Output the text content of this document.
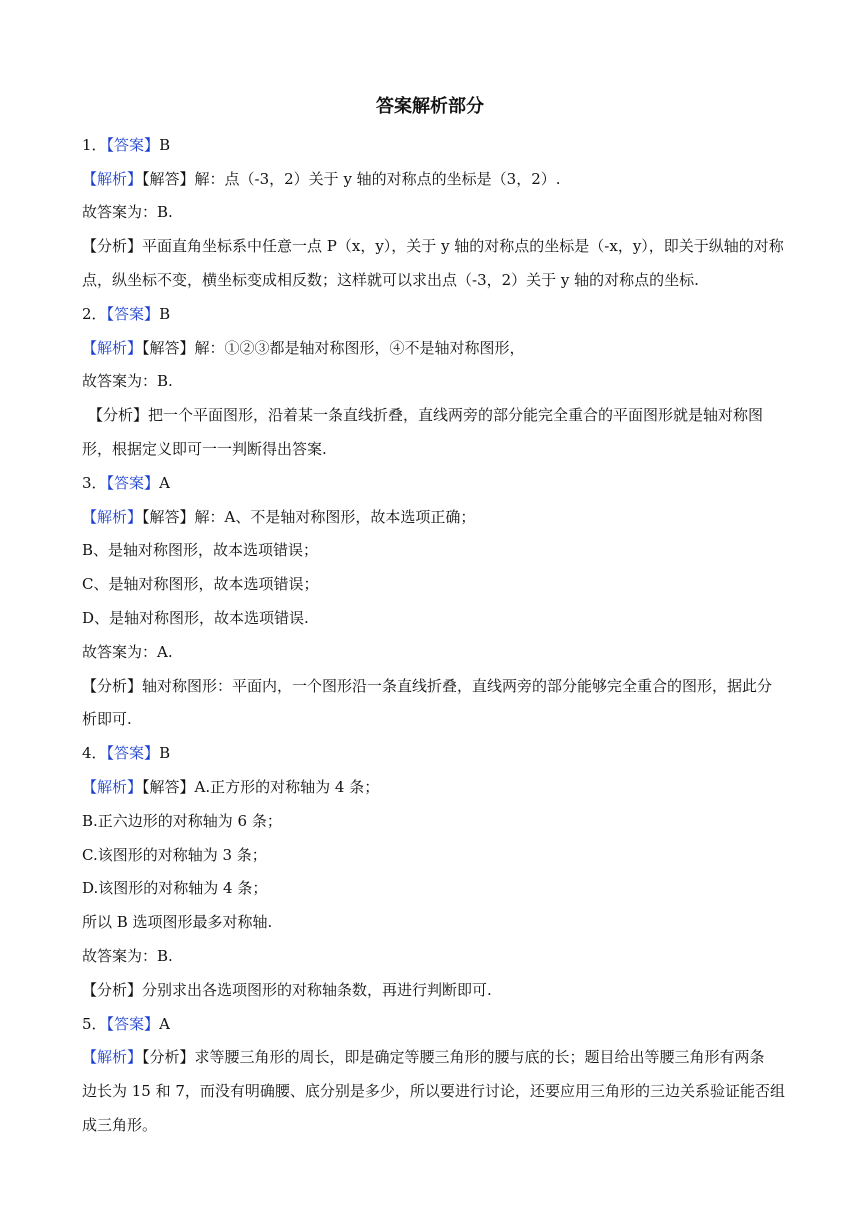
答案解析部分
1．【答案】B
【解析】【解答】解：点（-3，2）关于 y 轴的对称点的坐标是（3，2）.
故答案为：B.
【分析】平面直角坐标系中任意一点 P（x，y），关于 y 轴的对称点的坐标是（-x，y），即关于纵轴的对称
点，纵坐标不变，横坐标变成相反数；这样就可以求出点（-3，2）关于 y 轴的对称点的坐标.
2．【答案】B
【解析】【解答】解：①②③都是轴对称图形，④不是轴对称图形，
故答案为：B.
【分析】把一个平面图形，沿着某一条直线折叠，直线两旁的部分能完全重合的平面图形就是轴对称图
形，根据定义即可一一判断得出答案.
3．【答案】A
【解析】【解答】解：A、不是轴对称图形，故本选项正确；
B、是轴对称图形，故本选项错误；
C、是轴对称图形，故本选项错误；
D、是轴对称图形，故本选项错误.
故答案为：A.
【分析】轴对称图形：平面内，一个图形沿一条直线折叠，直线两旁的部分能够完全重合的图形，据此分
析即可.
4．【答案】B
【解析】【解答】A.正方形的对称轴为 4 条；
B.正六边形的对称轴为 6 条；
C.该图形的对称轴为 3 条；
D.该图形的对称轴为 4 条；
所以 B 选项图形最多对称轴.
故答案为：B.
【分析】分别求出各选项图形的对称轴条数，再进行判断即可.
5．【答案】A
【解析】【分析】求等腰三角形的周长，即是确定等腰三角形的腰与底的长；题目给出等腰三角形有两条
边长为 15 和 7，而没有明确腰、底分别是多少，所以要进行讨论，还要应用三角形的三边关系验证能否组
成三角形。
